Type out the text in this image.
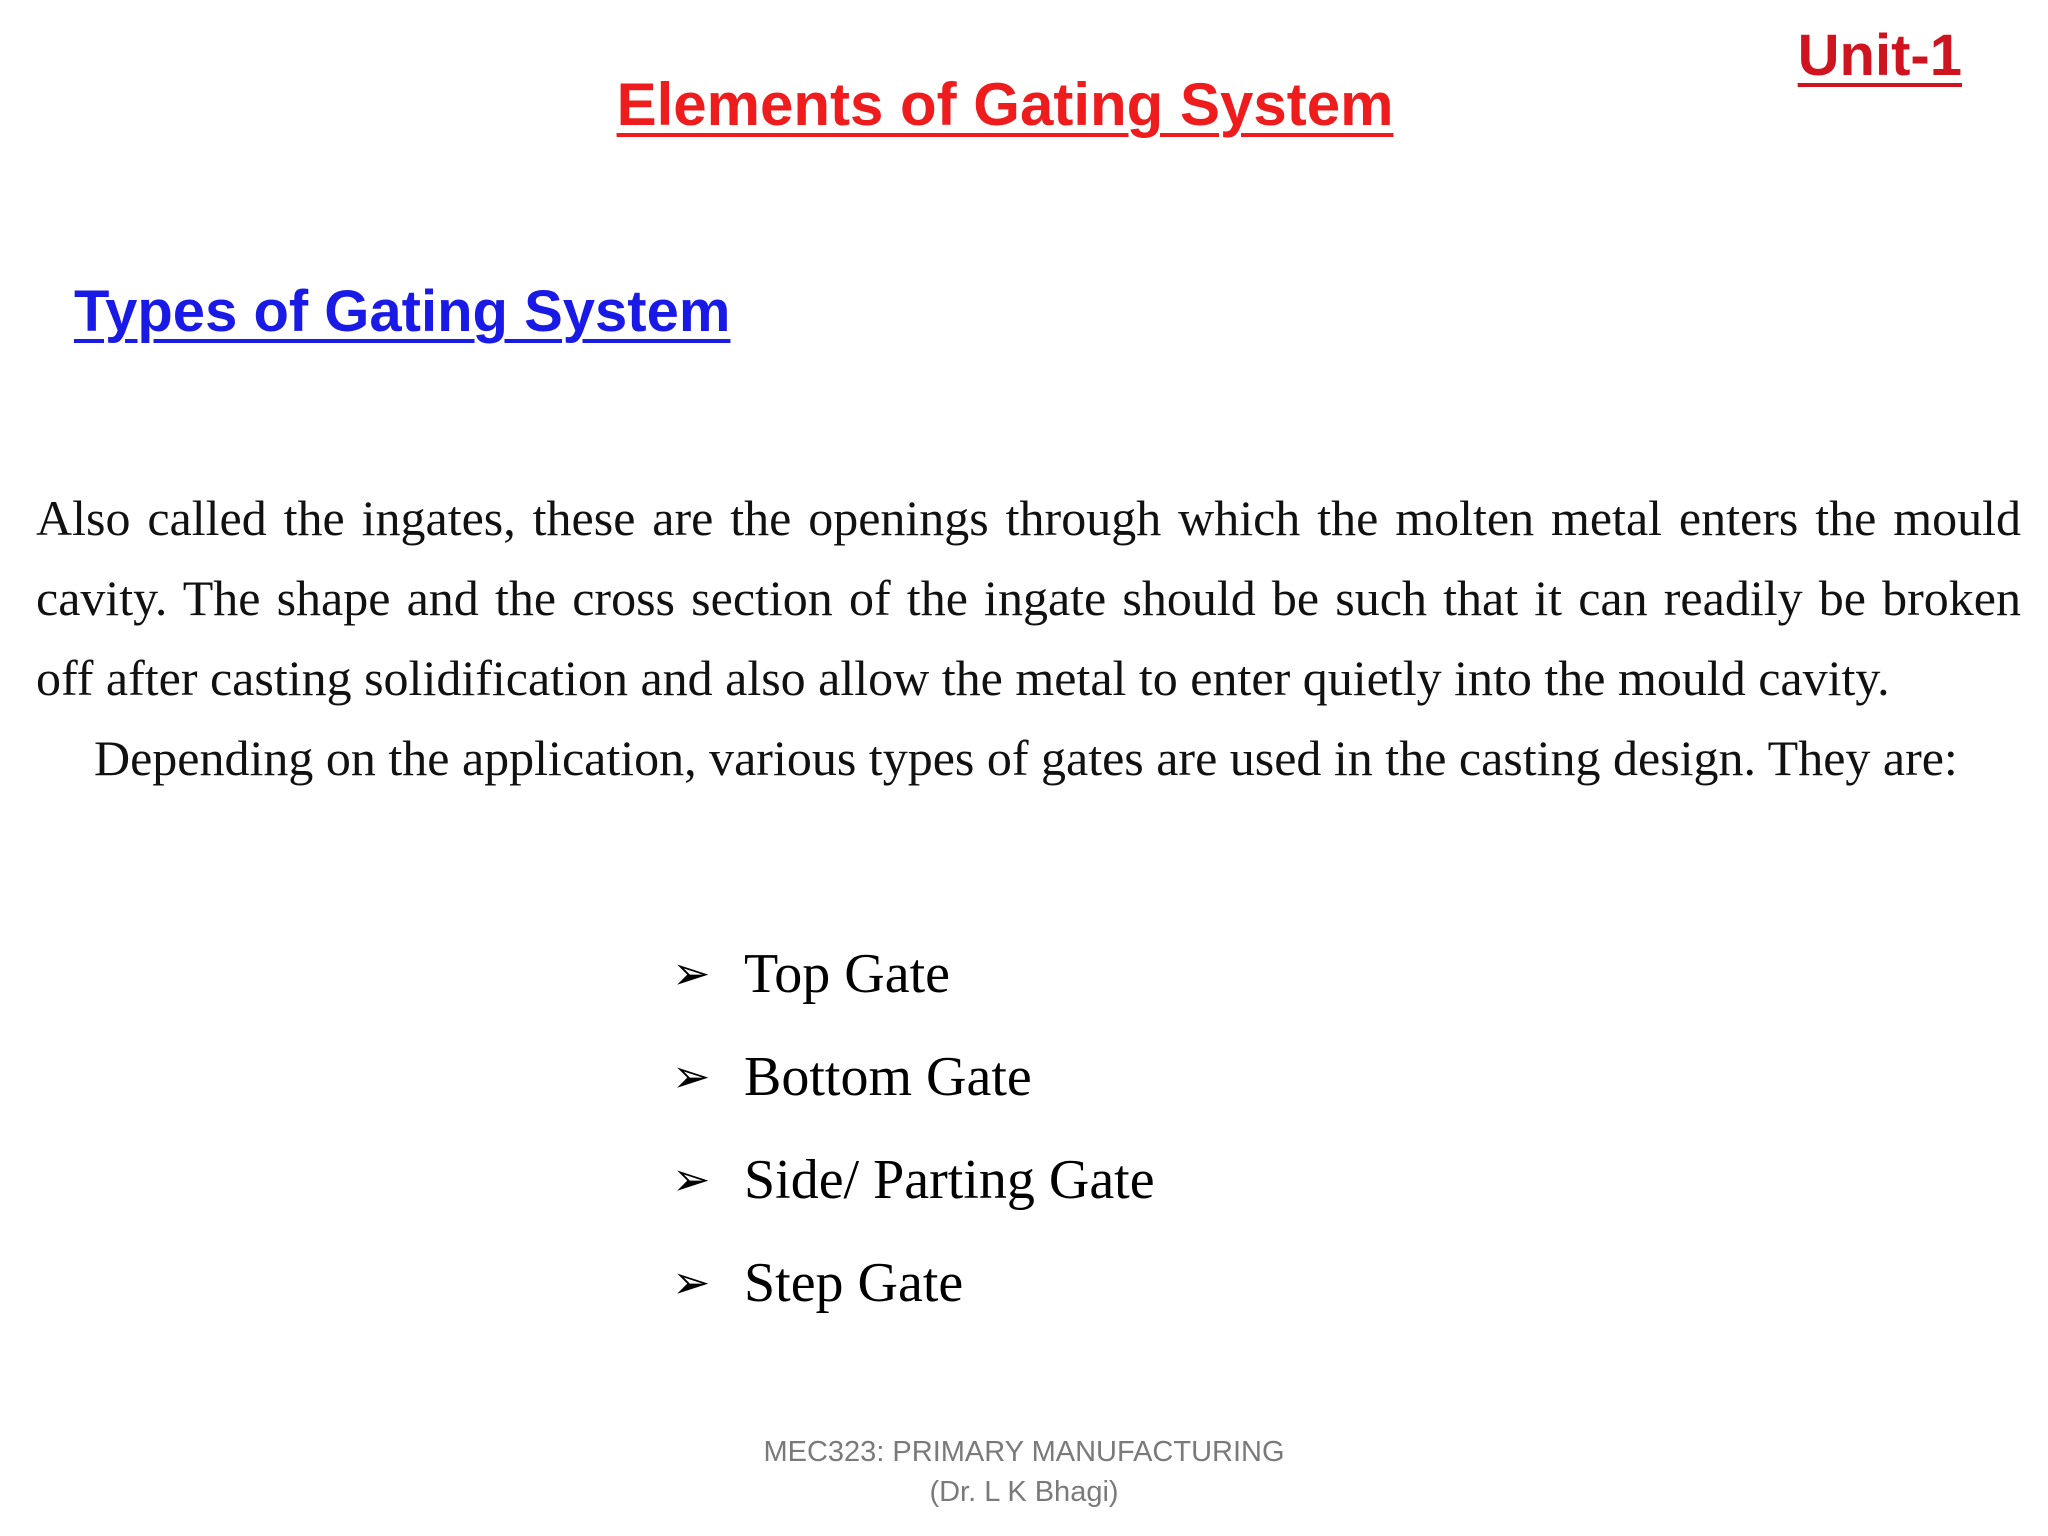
Unit-1
Elements of Gating System
Types of Gating System

Also called the ingates, these are the openings through which the molten metal enters the mould cavity. The shape and the cross section of the ingate should be such that it can readily be broken off after casting solidification and also allow the metal to enter quietly into the mould cavity.

Depending on the application, various types of gates are used in the casting design. They are:

➢ Top Gate
➢ Bottom Gate
➢ Side/ Parting Gate
➢ Step Gate
MEC323: PRIMARY MANUFACTURING
(Dr. L K Bhagi)
